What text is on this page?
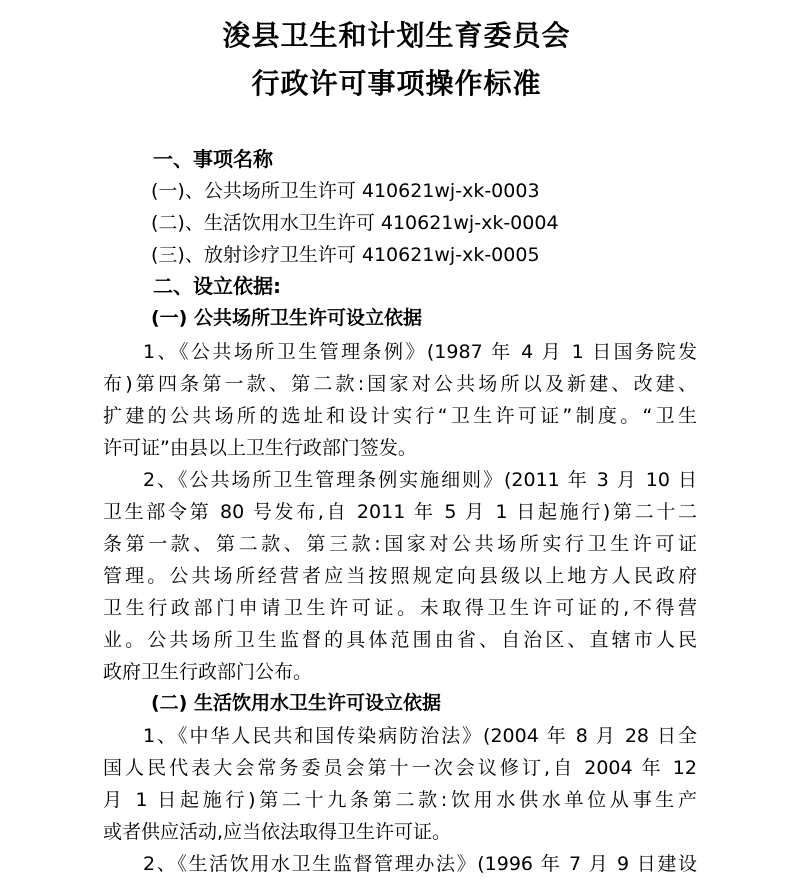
浚县卫生和计划生育委员会
行政许可事项操作标准
一、事项名称
(一)、公共场所卫生许可 410621wj-xk-0003
(二)、生活饮用水卫生许可 410621wj-xk-0004
(三)、放射诊疗卫生许可 410621wj-xk-0005
二、设立依据:
(一) 公共场所卫生许可设立依据
1、《公共场所卫生管理条例》(1987 年 4 月 1 日国务院发
布)第四条第一款、第二款:国家对公共场所以及新建、改建、
扩建的公共场所的选址和设计实行“卫生许可证”制度。“卫生
许可证”由县以上卫生行政部门签发。
2、《公共场所卫生管理条例实施细则》(2011 年 3 月 10 日
卫生部令第 80 号发布,自 2011 年 5 月 1 日起施行)第二十二
条第一款、第二款、第三款:国家对公共场所实行卫生许可证
管理。公共场所经营者应当按照规定向县级以上地方人民政府
卫生行政部门申请卫生许可证。未取得卫生许可证的,不得营
业。公共场所卫生监督的具体范围由省、自治区、直辖市人民
政府卫生行政部门公布。
(二) 生活饮用水卫生许可设立依据
1、《中华人民共和国传染病防治法》(2004 年 8 月 28 日全
国人民代表大会常务委员会第十一次会议修订,自 2004 年 12
月 1 日起施行)第二十九条第二款:饮用水供水单位从事生产
或者供应活动,应当依法取得卫生许可证。
2、《生活饮用水卫生监督管理办法》(1996 年 7 月 9 日建设
